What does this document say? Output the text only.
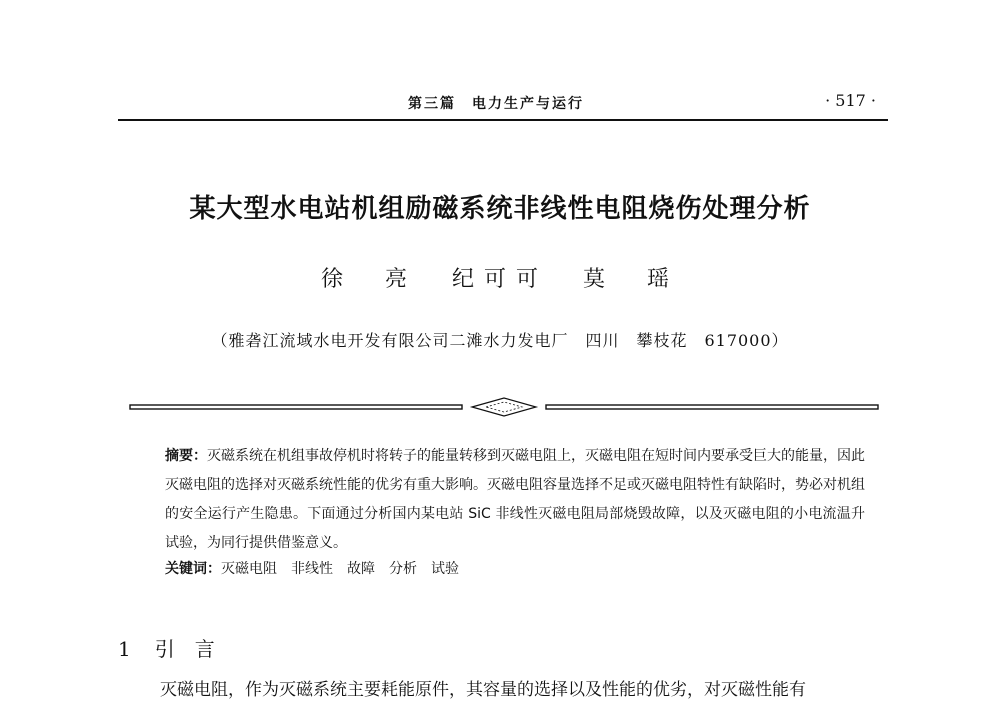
第三篇　电力生产与运行	· 517 ·
某大型水电站机组励磁系统非线性电阻烧伤处理分析
徐　亮 纪可可 莫　瑶
（雅砻江流域水电开发有限公司二滩水力发电厂　四川　攀枝花　617000）
摘要：灭磁系统在机组事故停机时将转子的能量转移到灭磁电阻上，灭磁电阻在短时间内要承受巨大的能量，因此灭磁电阻的选择对灭磁系统性能的优劣有重大影响。灭磁电阻容量选择不足或灭磁电阻特性有缺陷时，势必对机组的安全运行产生隐患。下面通过分析国内某电站 SiC 非线性灭磁电阻局部烧毁故障，以及灭磁电阻的小电流温升试验，为同行提供借鉴意义。
关键词：灭磁电阻 非线性 故障 分析 试验
1 引言
灭磁电阻，作为灭磁系统主要耗能原件，其容量的选择以及性能的优劣，对灭磁性能有
